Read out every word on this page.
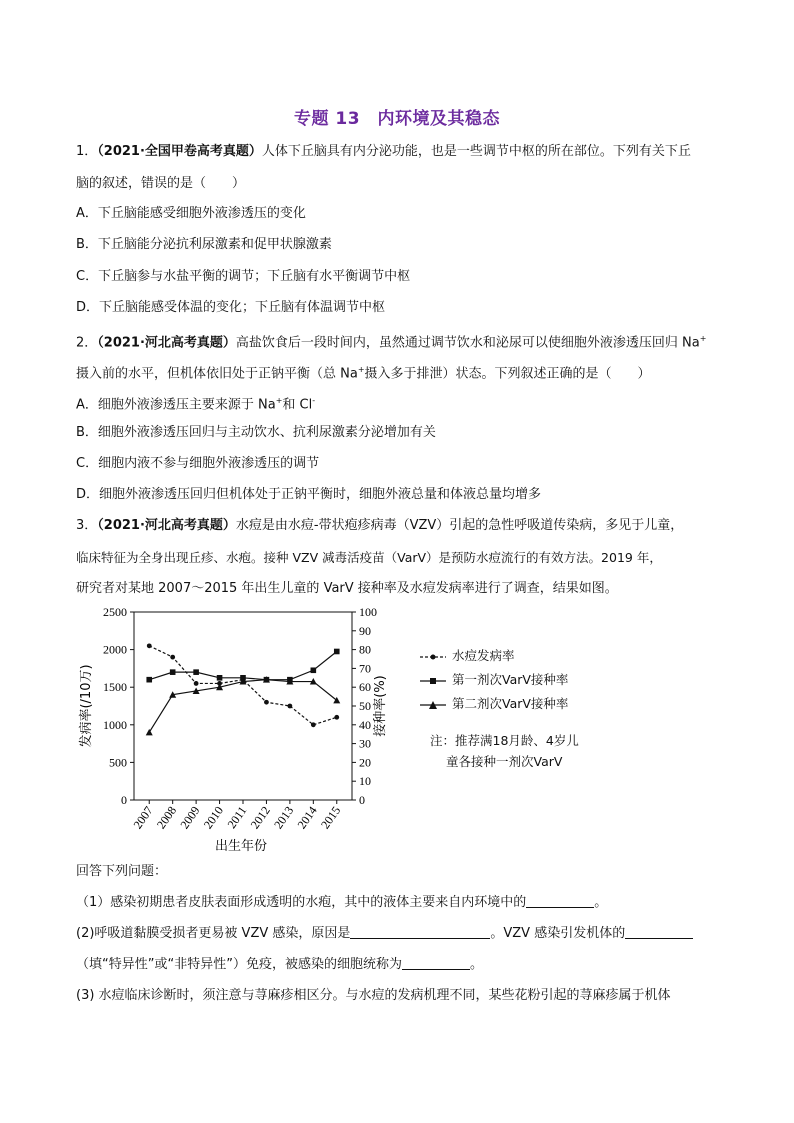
专题 13　内环境及其稳态
1．（2021·全国甲卷高考真题）人体下丘脑具有内分泌功能，也是一些调节中枢的所在部位。下列有关下丘
脑的叙述，错误的是（　　）
A．下丘脑能感受细胞外液渗透压的变化
B．下丘脑能分泌抗利尿激素和促甲状腺激素
C．下丘脑参与水盐平衡的调节；下丘脑有水平衡调节中枢
D．下丘脑能感受体温的变化；下丘脑有体温调节中枢
2．（2021·河北高考真题）高盐饮食后一段时间内，虽然通过调节饮水和泌尿可以使细胞外液渗透压回归 Na+
摄入前的水平，但机体依旧处于正钠平衡（总 Na+摄入多于排泄）状态。下列叙述正确的是（　　）
A．细胞外液渗透压主要来源于 Na+和 Cl-
B．细胞外液渗透压回归与主动饮水、抗利尿激素分泌增加有关
C．细胞内液不参与细胞外液渗透压的调节
D．细胞外液渗透压回归但机体处于正钠平衡时，细胞外液总量和体液总量均增多
3．（2021·河北高考真题）水痘是由水痘-带状疱疹病毒（VZV）引起的急性呼吸道传染病，多见于儿童，
临床特征为全身出现丘疹、水疱。接种 VZV 减毒活疫苗（VarV）是预防水痘流行的有效方法。2019 年，
研究者对某地 2007～2015 年出生儿童的 VarV 接种率及水痘发病率进行了调查，结果如图。
0
500
1000
1500
2000
2500
0
10
20
30
40
50
60
70
80
90
100
2007
2008
2009
2010
2011
2012
2013
2014
2015
出生年份
发病率(/10万)	接种率(%)
水痘发病率
第一剂次VarV接种率
第二剂次VarV接种率
注：推荐满18月龄、4岁儿
童各接种一剂次VarV
回答下列问题：
（1）感染初期患者皮肤表面形成透明的水疱，其中的液体主要来自内环境中的	。
(2)呼吸道黏膜受损者更易被 VZV 感染，原因是	。VZV 感染引发机体的
（填“特异性”或“非特异性”）免疫，被感染的细胞统称为	。
(3) 水痘临床诊断时，须注意与荨麻疹相区分。与水痘的发病机理不同，某些花粉引起的荨麻疹属于机体
